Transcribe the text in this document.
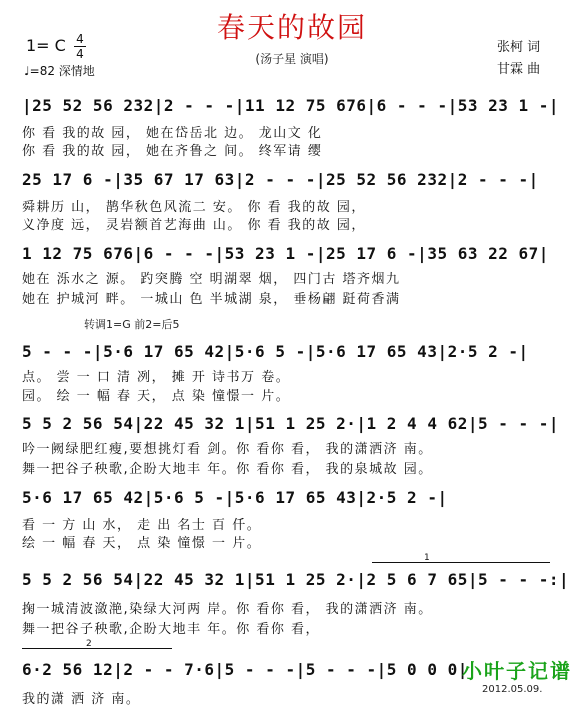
春天的故园
(汤子星 演唱)
1= C 4
4
♩=82 深情地
张柯 词
甘霖 曲
|25 52 56 232|2 - - -|11 12 75 676|6 - - -|53 23 1 -|
你 看 我的故 园， 她在岱岳北 边。 龙山文 化
你 看 我的故 园， 她在齐鲁之 间。 终军请 缨
25 17 6 -|35 67 17 63|2 - - -|25 52 56 232|2 - - -|
舜耕历 山， 鹊华秋色风流二 安。 你 看 我的故 园，
义净度 远， 灵岩额首艺海曲 山。 你 看 我的故 园，
1 12 75 676|6 - - -|53 23 1 -|25 17 6 -|35 63 22 67|
她在 泺水之 源。 趵突腾 空 明湖翠 烟， 四门古 塔齐烟九
她在 护城河 畔。 一城山 色 半城湖 泉， 垂杨翩 跹荷香满
转调1=G 前2=后5
5 - - -|5·6 17 65 42|5·6 5 -|5·6 17 65 43|2·5 2 -|
点。 尝 一 口 清 冽， 摊 开 诗书万 卷。
园。 绘 一 幅 春 天， 点 染 憧憬一 片。
5 5 2 56 54|22 45 32 1|51 1 25 2·|1 2 4 4 62|5 - - -|
吟一阙绿肥红瘦,要想挑灯看 剑。你 看你 看， 我的潇洒济 南。
舞一把谷子秧歌,企盼大地丰 年。你 看你 看， 我的泉城故 园。
5·6 17 65 42|5·6 5 -|5·6 17 65 43|2·5 2 -|
看 一 方 山 水， 走 出 名士 百 仟。
绘 一 幅 春 天， 点 染 憧憬 一 片。
1
5 5 2 56 54|22 45 32 1|51 1 25 2·|2 5 6 7 65|5 - - -:|
掬一城清波潋滟,染绿大河两 岸。你 看你 看， 我的潇洒济 南。
舞一把谷子秧歌,企盼大地丰 年。你 看你 看，
2
6·2 56 12|2 - - 7·6|5 - - -|5 - - -|5 0 0 0|
我的潇 洒 济 南。
小叶子记谱
2012.05.09.
